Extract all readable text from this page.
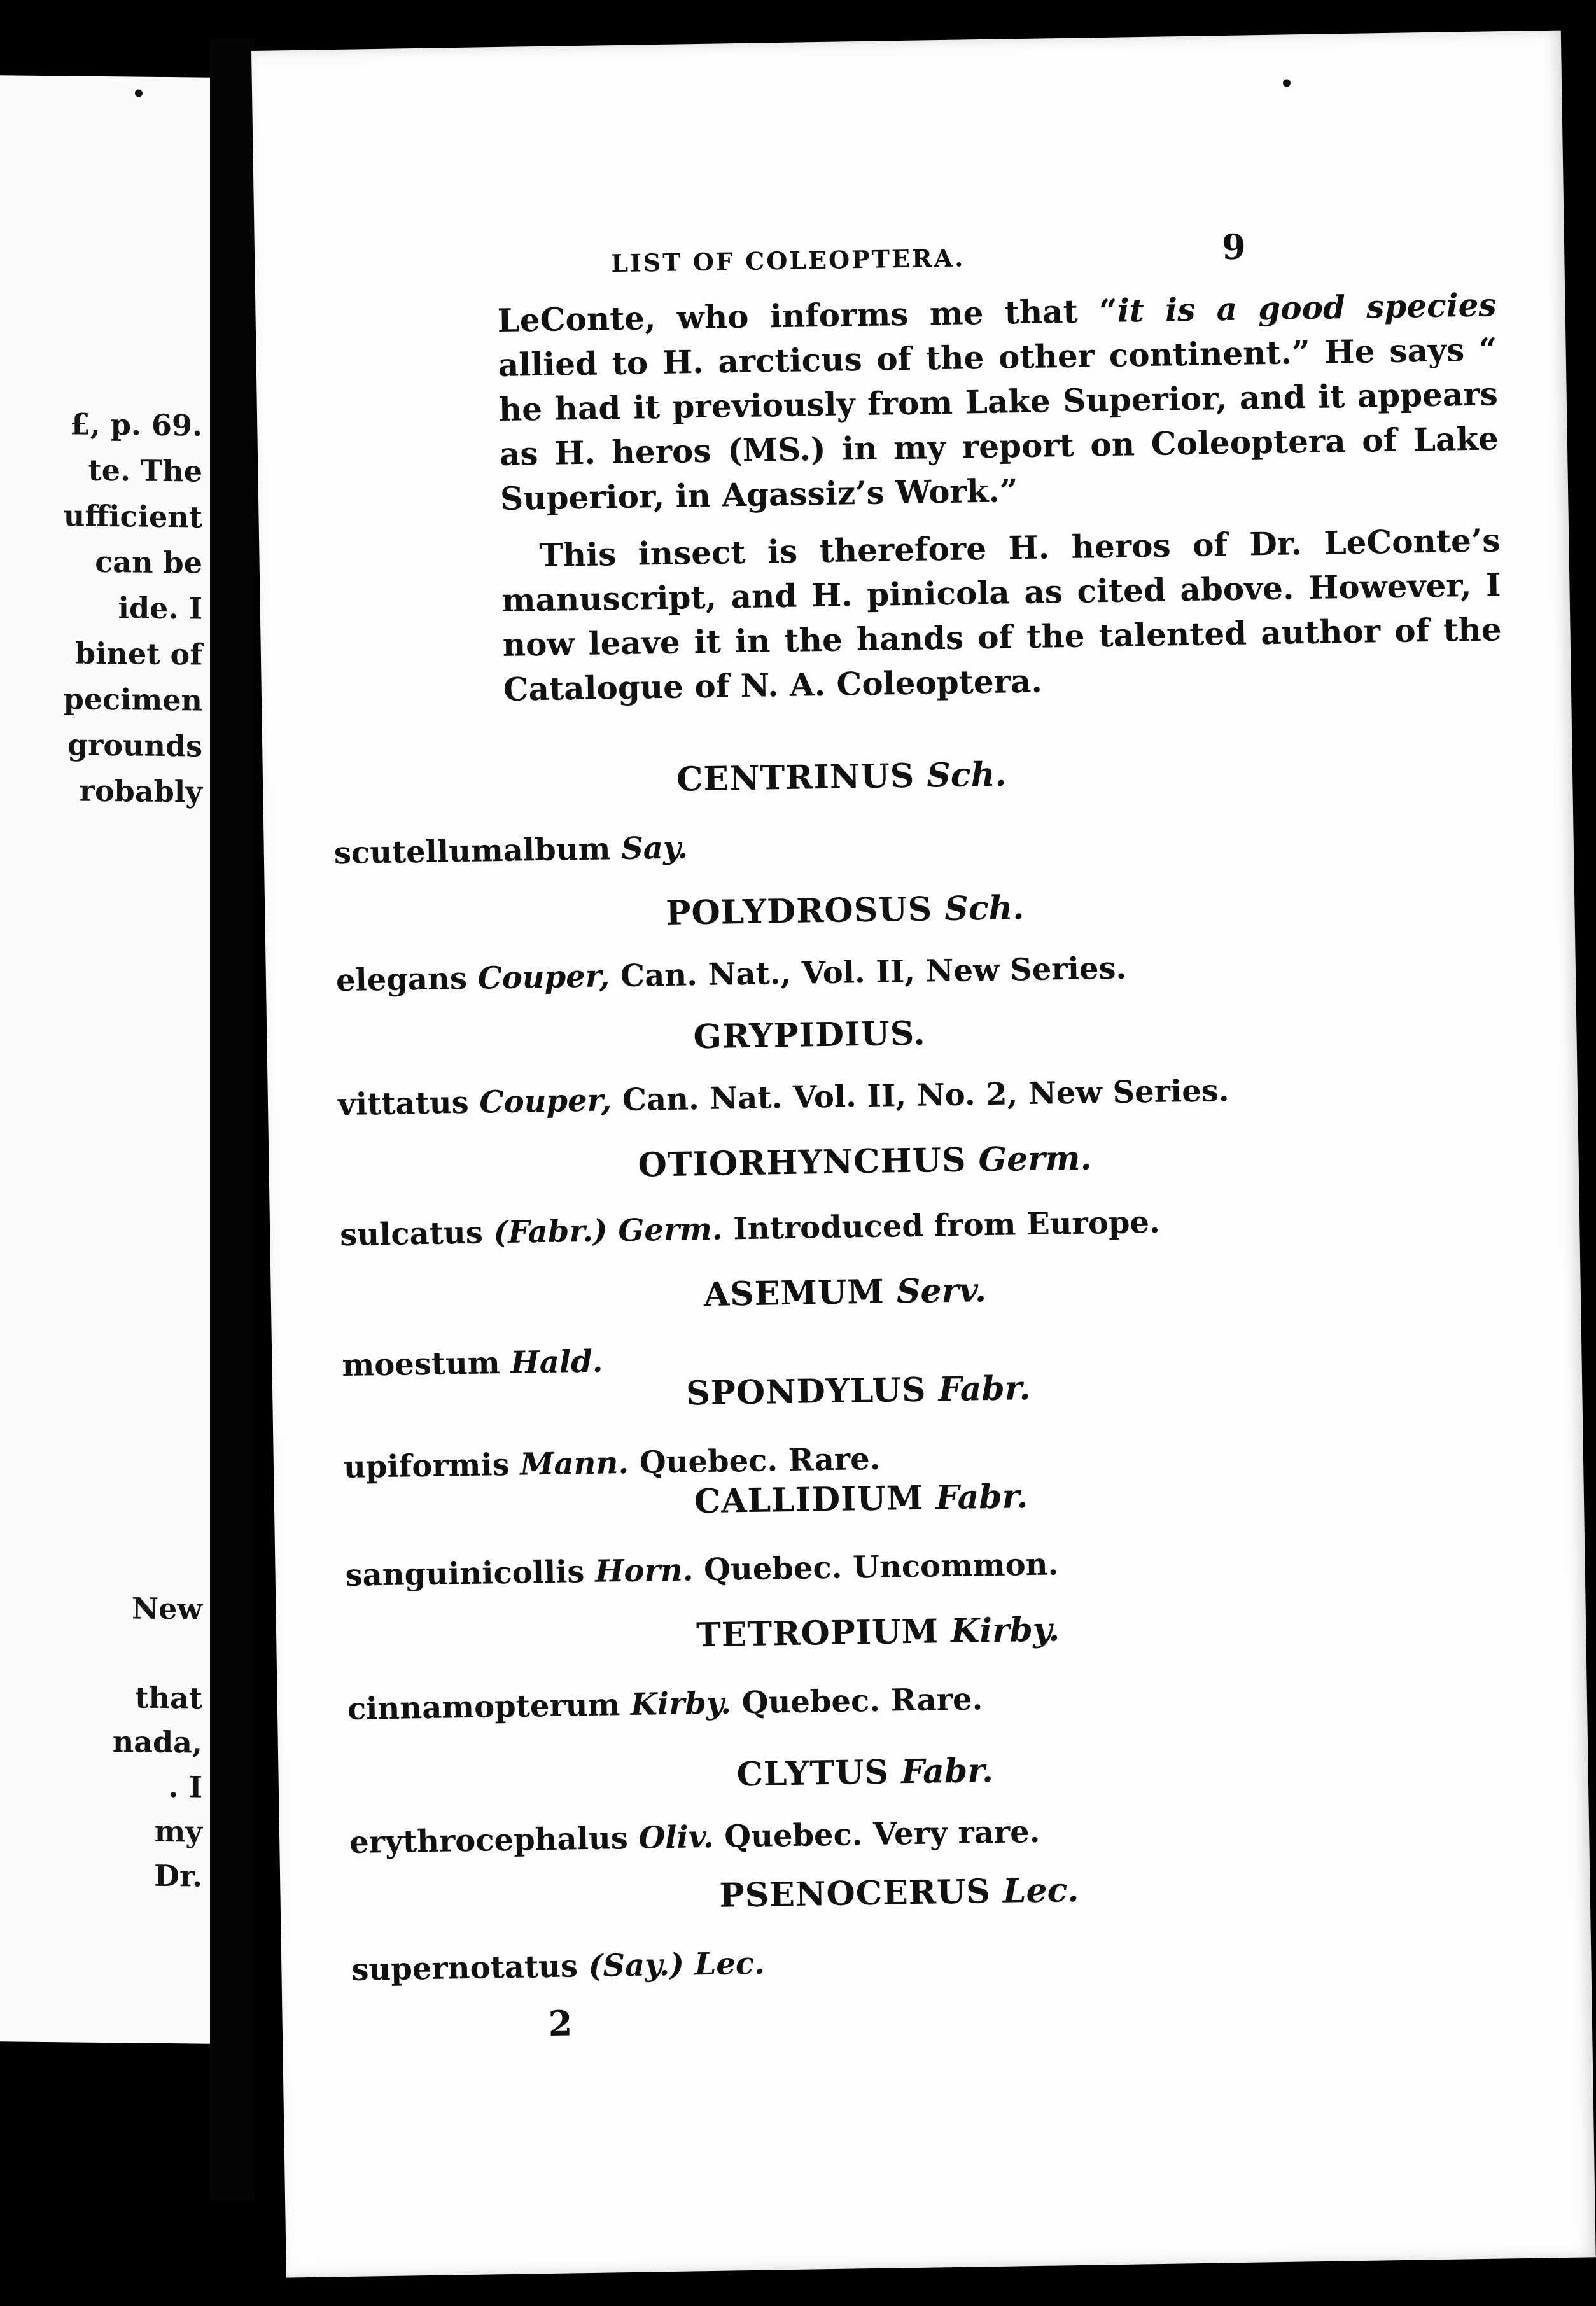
£, p. 69.

te. The

ufficient

can be

ide. I

binet of

pecimen

grounds

robably

New

that

nada,

. I

my

Dr.

LIST OF COLEOPTERA.	9

LeConte, who informs me that “it is a good species allied to H. arcticus of the other continent.” He says “ he had it previously from Lake Superior, and it appears as H. heros (MS.) in my report on Coleoptera of Lake Superior, in Agassiz’s Work.”

This insect is therefore H. heros of Dr. LeConte’s manuscript, and H. pinicola as cited above. However, I now leave it in the hands of the talented author of the Catalogue of N. A. Coleoptera.

CENTRINUS Sch.
scutellumalbum Say.
POLYDROSUS Sch.
elegans Couper, Can. Nat., Vol. II, New Series.
GRYPIDIUS.
vittatus Couper, Can. Nat. Vol. II, No. 2, New Series.
OTIORHYNCHUS Germ.
sulcatus (Fabr.) Germ. Introduced from Europe.
ASEMUM Serv.
moestum Hald.
SPONDYLUS Fabr.
upiformis Mann. Quebec. Rare.
CALLIDIUM Fabr.
sanguinicollis Horn. Quebec. Uncommon.
TETROPIUM Kirby.
cinnamopterum Kirby. Quebec. Rare.
CLYTUS Fabr.
erythrocephalus Oliv. Quebec. Very rare.
PSENOCERUS Lec.
supernotatus (Say.) Lec.
2
